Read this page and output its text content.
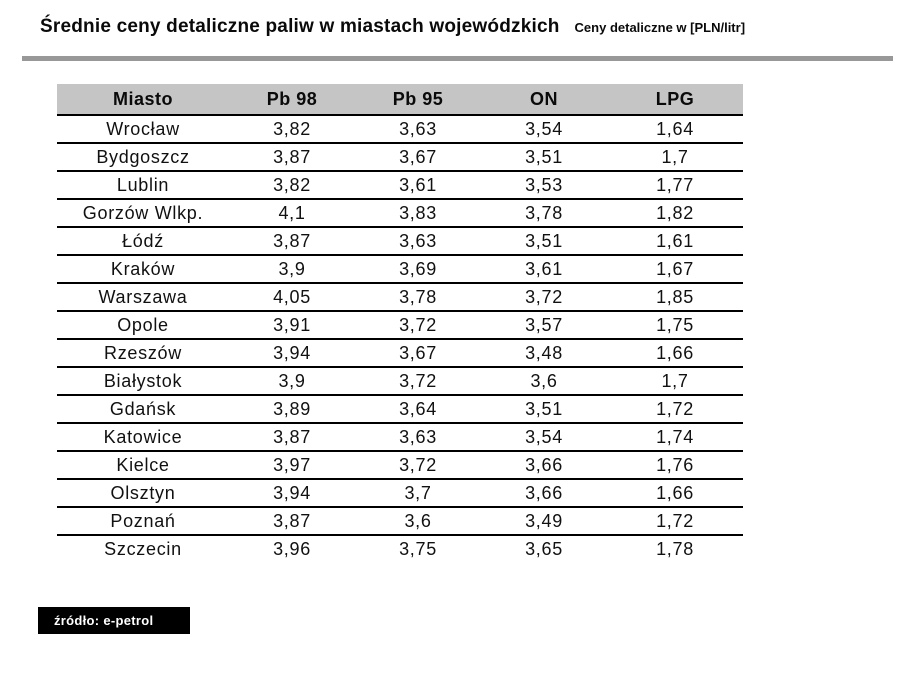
Średnie ceny detaliczne paliw w miastach wojewódzkich Ceny detaliczne w [PLN/litr]
Miasto	Pb 98	Pb 95	ON	LPG
Wrocław	3,82	3,63	3,54	1,64
Bydgoszcz	3,87	3,67	3,51	1,7
Lublin	3,82	3,61	3,53	1,77
Gorzów Wlkp.	4,1	3,83	3,78	1,82
Łódź	3,87	3,63	3,51	1,61
Kraków	3,9	3,69	3,61	1,67
Warszawa	4,05	3,78	3,72	1,85
Opole	3,91	3,72	3,57	1,75
Rzeszów	3,94	3,67	3,48	1,66
Białystok	3,9	3,72	3,6	1,7
Gdańsk	3,89	3,64	3,51	1,72
Katowice	3,87	3,63	3,54	1,74
Kielce	3,97	3,72	3,66	1,76
Olsztyn	3,94	3,7	3,66	1,66
Poznań	3,87	3,6	3,49	1,72
Szczecin	3,96	3,75	3,65	1,78
źródło: e-petrol
